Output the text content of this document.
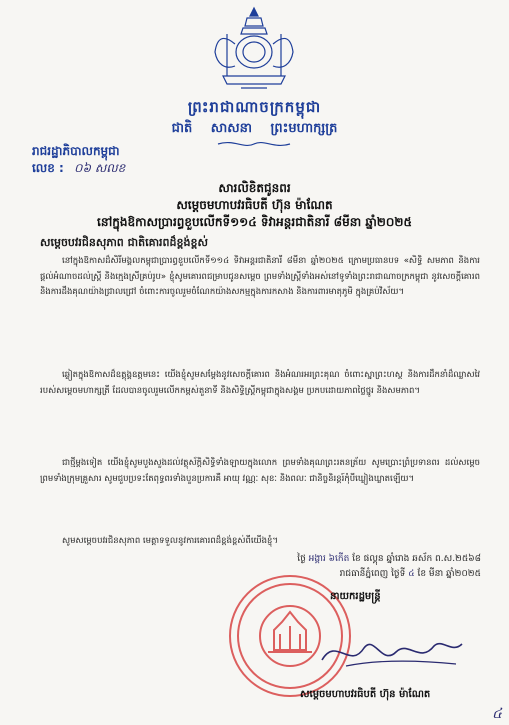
ព្រះរាជាណាចក្រកម្ពុជា
ជាតិ សាសនា ព្រះមហាក្សត្រ
រាជរដ្ឋាភិបាលកម្ពុជា
លេខ : ០៦ សលខ
សារលិខិតជូនពរ
សម្ដេចមហាបវរធិបតី ហ៊ុន ម៉ាណែត
នៅក្នុងឱកាសប្រារព្ធខួបលើកទី១១៤ ទិវាអន្តរជាតិនារី ៨មីនា ឆ្នាំ២០២៥
សម្ដេចបវរជិនសុភាព ជាតិគោរពដ៏ខ្ពង់ខ្ពស់
នៅក្នុងឱកាសដ៏សិរីមង្គលកម្ពុជាប្រារព្ធខួបលើកទី១១៤ ទិវាអន្តរជាតិនារី ៨មីនា ឆ្នាំ២០២៥ ក្រោមប្រធានបទ «សិទ្ធិ សមភាព និងការផ្តល់អំណាចដល់ស្ត្រី និងក្មេងស្រីគ្រប់រូប» ខ្ញុំសូមគោរពជម្រាបជូនសម្ដេច ព្រមទាំងស្ត្រីទាំងអស់នៅទូទាំងព្រះរាជាណាចក្រកម្ពុជា នូវសេចក្ដីគោរព និងការដឹងគុណយ៉ាងជ្រាលជ្រៅ ចំពោះការចូលរួមចំណែកយ៉ាងសកម្មក្នុងការកសាង និងការពារមាតុភូមិ ក្នុងគ្រប់វិស័យ។
ឆ្លៀតក្នុងឱកាសដ៏ឧត្តុង្គឧត្តមនេះ យើងខ្ញុំសូមសម្ដែងនូវសេចក្ដីគោរព និងអំណរអរព្រះគុណ ចំពោះស្នាព្រះហស្ថ និងការដឹកនាំដ៏ឈ្លាសវៃ របស់សម្ដេចមហាក្សត្រី ដែលបានចូលរួមលើកកម្ពស់តួនាទី និងសិទ្ធិស្ត្រីកម្ពុជាក្នុងសង្គម ប្រកបដោយភាពថ្លៃថ្នូរ និងសមភាព។
ជាថ្មីម្ដងទៀត យើងខ្ញុំសូមបួងសួងដល់វត្ថុស័ក្តិសិទ្ធិទាំងឡាយក្នុងលោក ព្រមទាំងគុណព្រះរតនត្រ័យ សូមប្រោះព្រំប្រទានពរ ដល់សម្ដេច ព្រមទាំងក្រុមគ្រួសារ សូមជួបប្រទះតែពុទ្ធពរទាំងបួនប្រការគឺ អាយុ វណ្ណៈ សុខៈ និងពលៈ ជានិច្ចនិរន្តរ៍កុំបីឃ្លៀងឃ្លាតឡើយ។
សូមសម្ដេចបវរជិនសុភាព មេត្តាទទួលនូវការគោរពដ៏ខ្ពង់ខ្ពស់ពីយើងខ្ញុំ។
ថ្ងៃ អង្គារ ៦កើត ខែ ផល្គុន ឆ្នាំរោង ឆស័ក ព.ស.២៥៦៨
រាជធានីភ្នំពេញ ថ្ងៃទី ៤ ខែ មីនា ឆ្នាំ២០២៥
នាយករដ្ឋមន្ត្រី
សម្ដេចមហាបវរធិបតី ហ៊ុន ម៉ាណែត
៤
